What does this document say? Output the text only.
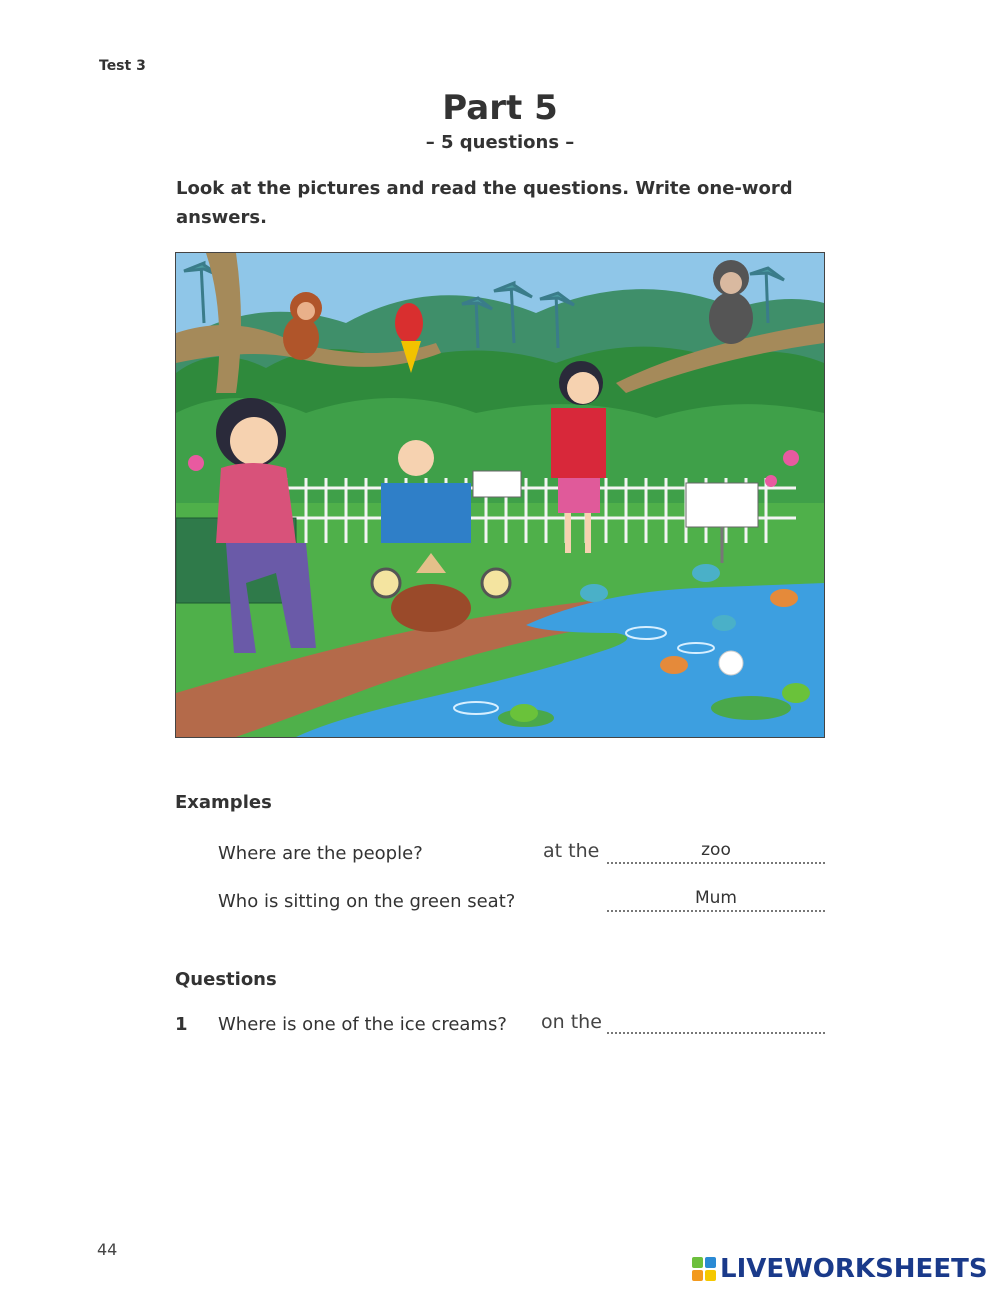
Test 3
Part 5
– 5 questions –
Look at the pictures and read the questions. Write one-word answers.
Examples
Where are the people?	at the	zoo
Who is sitting on the green seat?	Mum
Questions
1 Where is one of the ice creams? on the
44
LIVEWORKSHEETS
